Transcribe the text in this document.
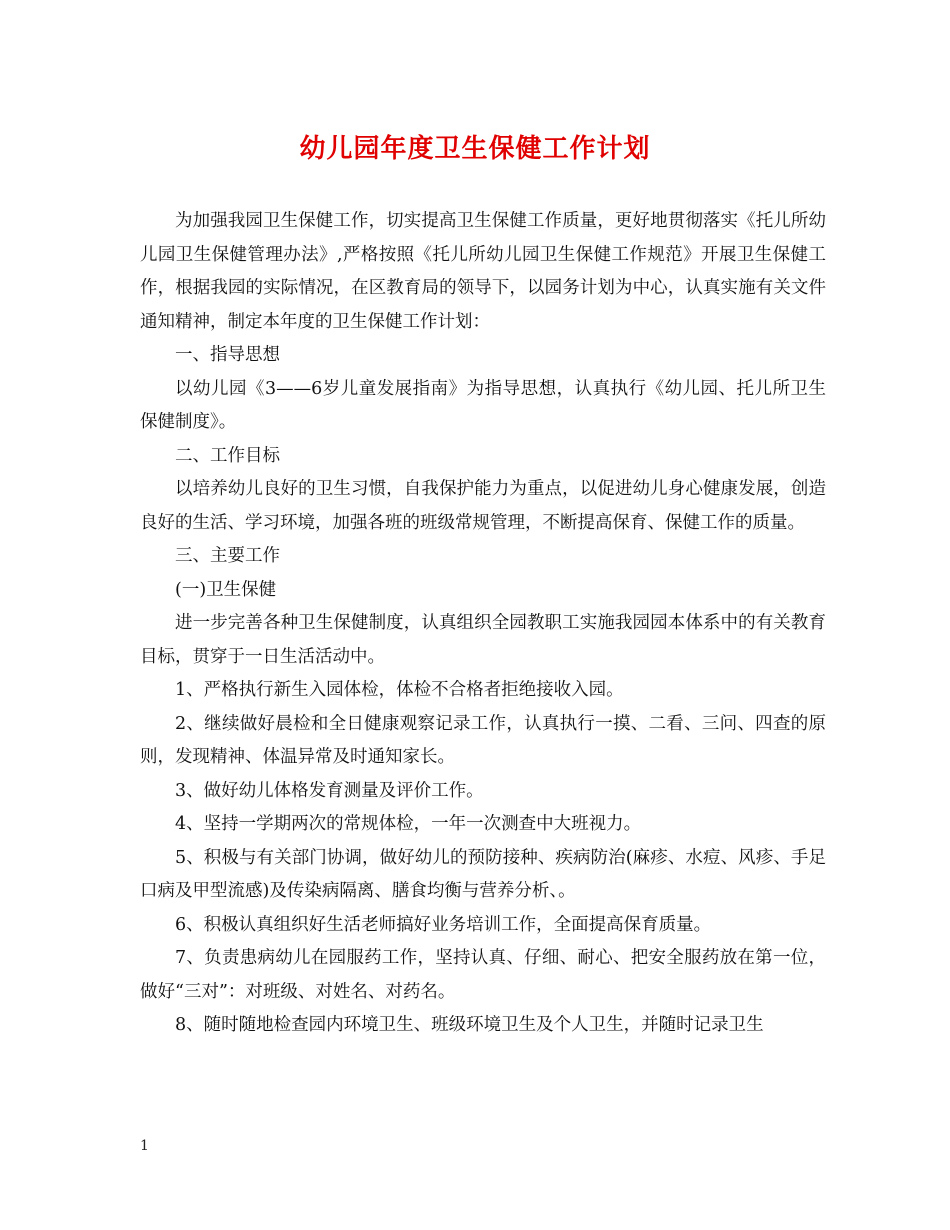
幼儿园年度卫生保健工作计划

为加强我园卫生保健工作，切实提高卫生保健工作质量，更好地贯彻落实《托儿所幼儿园卫生保健管理办法》,严格按照《托儿所幼儿园卫生保健工作规范》开展卫生保健工作，根据我园的实际情况，在区教育局的领导下，以园务计划为中心，认真实施有关文件通知精神，制定本年度的卫生保健工作计划：

一、指导思想

以幼儿园《3——6岁儿童发展指南》为指导思想，认真执行《幼儿园、托儿所卫生保健制度》。

二、工作目标

以培养幼儿良好的卫生习惯，自我保护能力为重点，以促进幼儿身心健康发展，创造良好的生活、学习环境，加强各班的班级常规管理，不断提高保育、保健工作的质量。

三、主要工作

(一)卫生保健

进一步完善各种卫生保健制度，认真组织全园教职工实施我园园本体系中的有关教育目标，贯穿于一日生活活动中。

1、严格执行新生入园体检，体检不合格者拒绝接收入园。

2、继续做好晨检和全日健康观察记录工作，认真执行一摸、二看、三问、四查的原则，发现精神、体温异常及时通知家长。

3、做好幼儿体格发育测量及评价工作。

4、坚持一学期两次的常规体检，一年一次测查中大班视力。

5、积极与有关部门协调，做好幼儿的预防接种、疾病防治(麻疹、水痘、风疹、手足口病及甲型流感)及传染病隔离、膳食均衡与营养分析、。

6、积极认真组织好生活老师搞好业务培训工作，全面提高保育质量。

7、负责患病幼儿在园服药工作，坚持认真、仔细、耐心、把安全服药放在第一位，做好“三对”：对班级、对姓名、对药名。

8、随时随地检查园内环境卫生、班级环境卫生及个人卫生，并随时记录卫生

1
